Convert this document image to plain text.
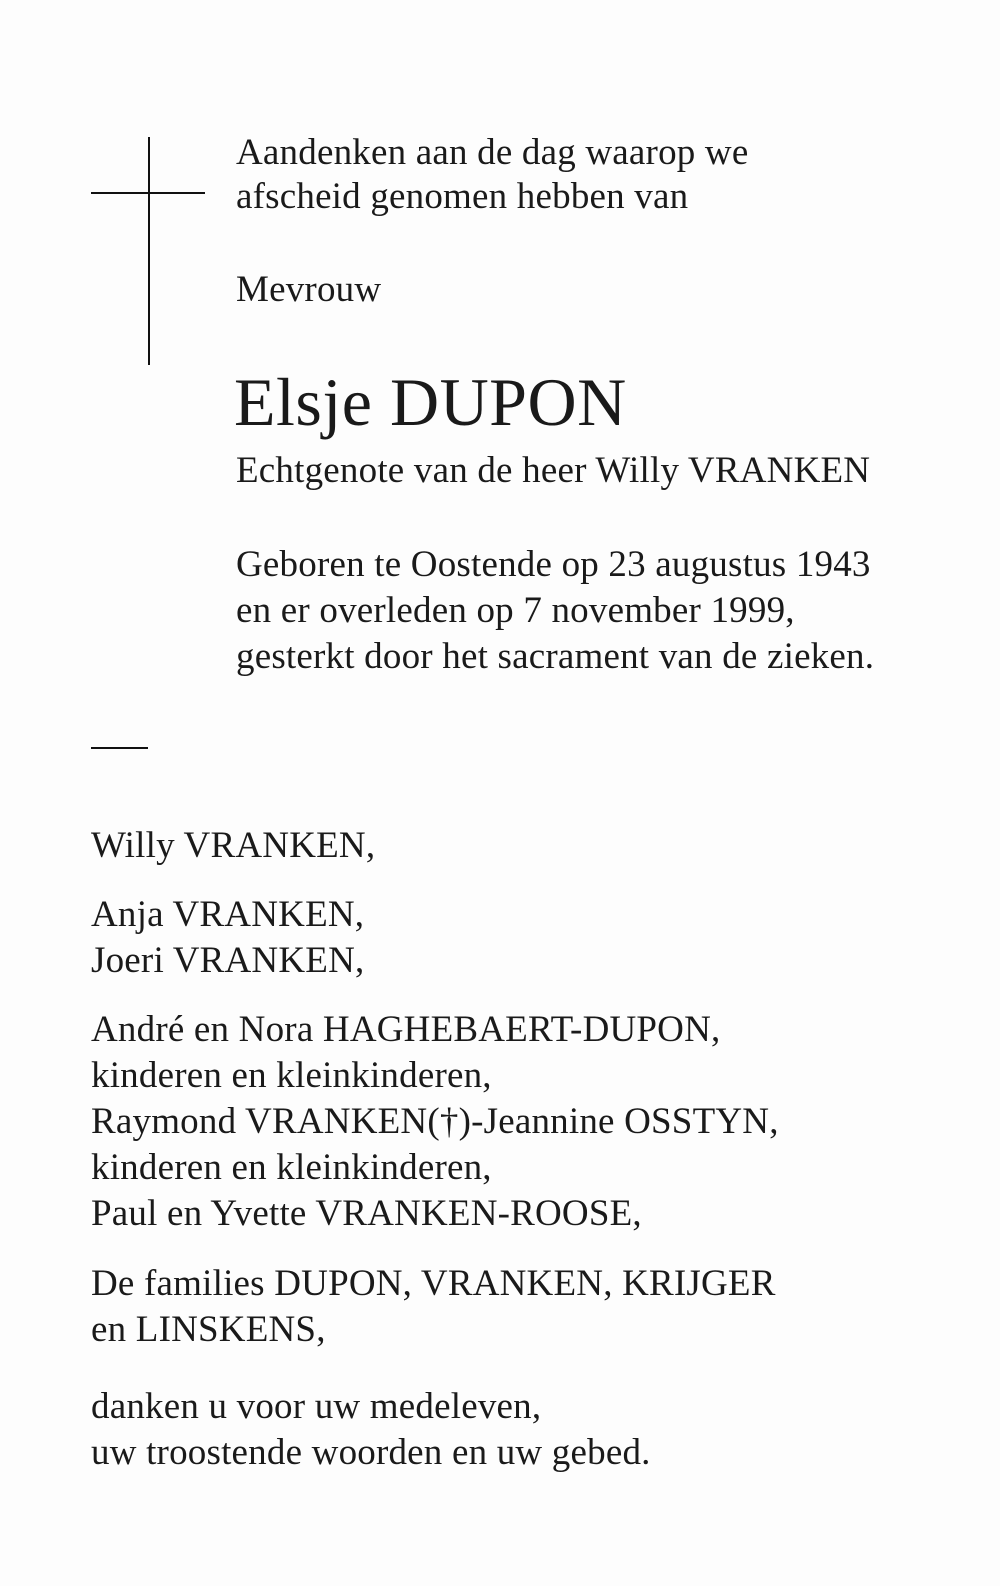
Aandenken aan de dag waarop we
afscheid genomen hebben van
Mevrouw
Elsje DUPON
Echtgenote van de heer Willy VRANKEN
Geboren te Oostende op 23 augustus 1943
en er overleden op 7 november 1999,
gesterkt door het sacrament van de zieken.
Willy VRANKEN,
Anja VRANKEN,
Joeri VRANKEN,
André en Nora HAGHEBAERT-DUPON,
kinderen en kleinkinderen,
Raymond VRANKEN(†)-Jeannine OSSTYN,
kinderen en kleinkinderen,
Paul en Yvette VRANKEN-ROOSE,
De families DUPON, VRANKEN, KRIJGER
en LINSKENS,
danken u voor uw medeleven,
uw troostende woorden en uw gebed.
